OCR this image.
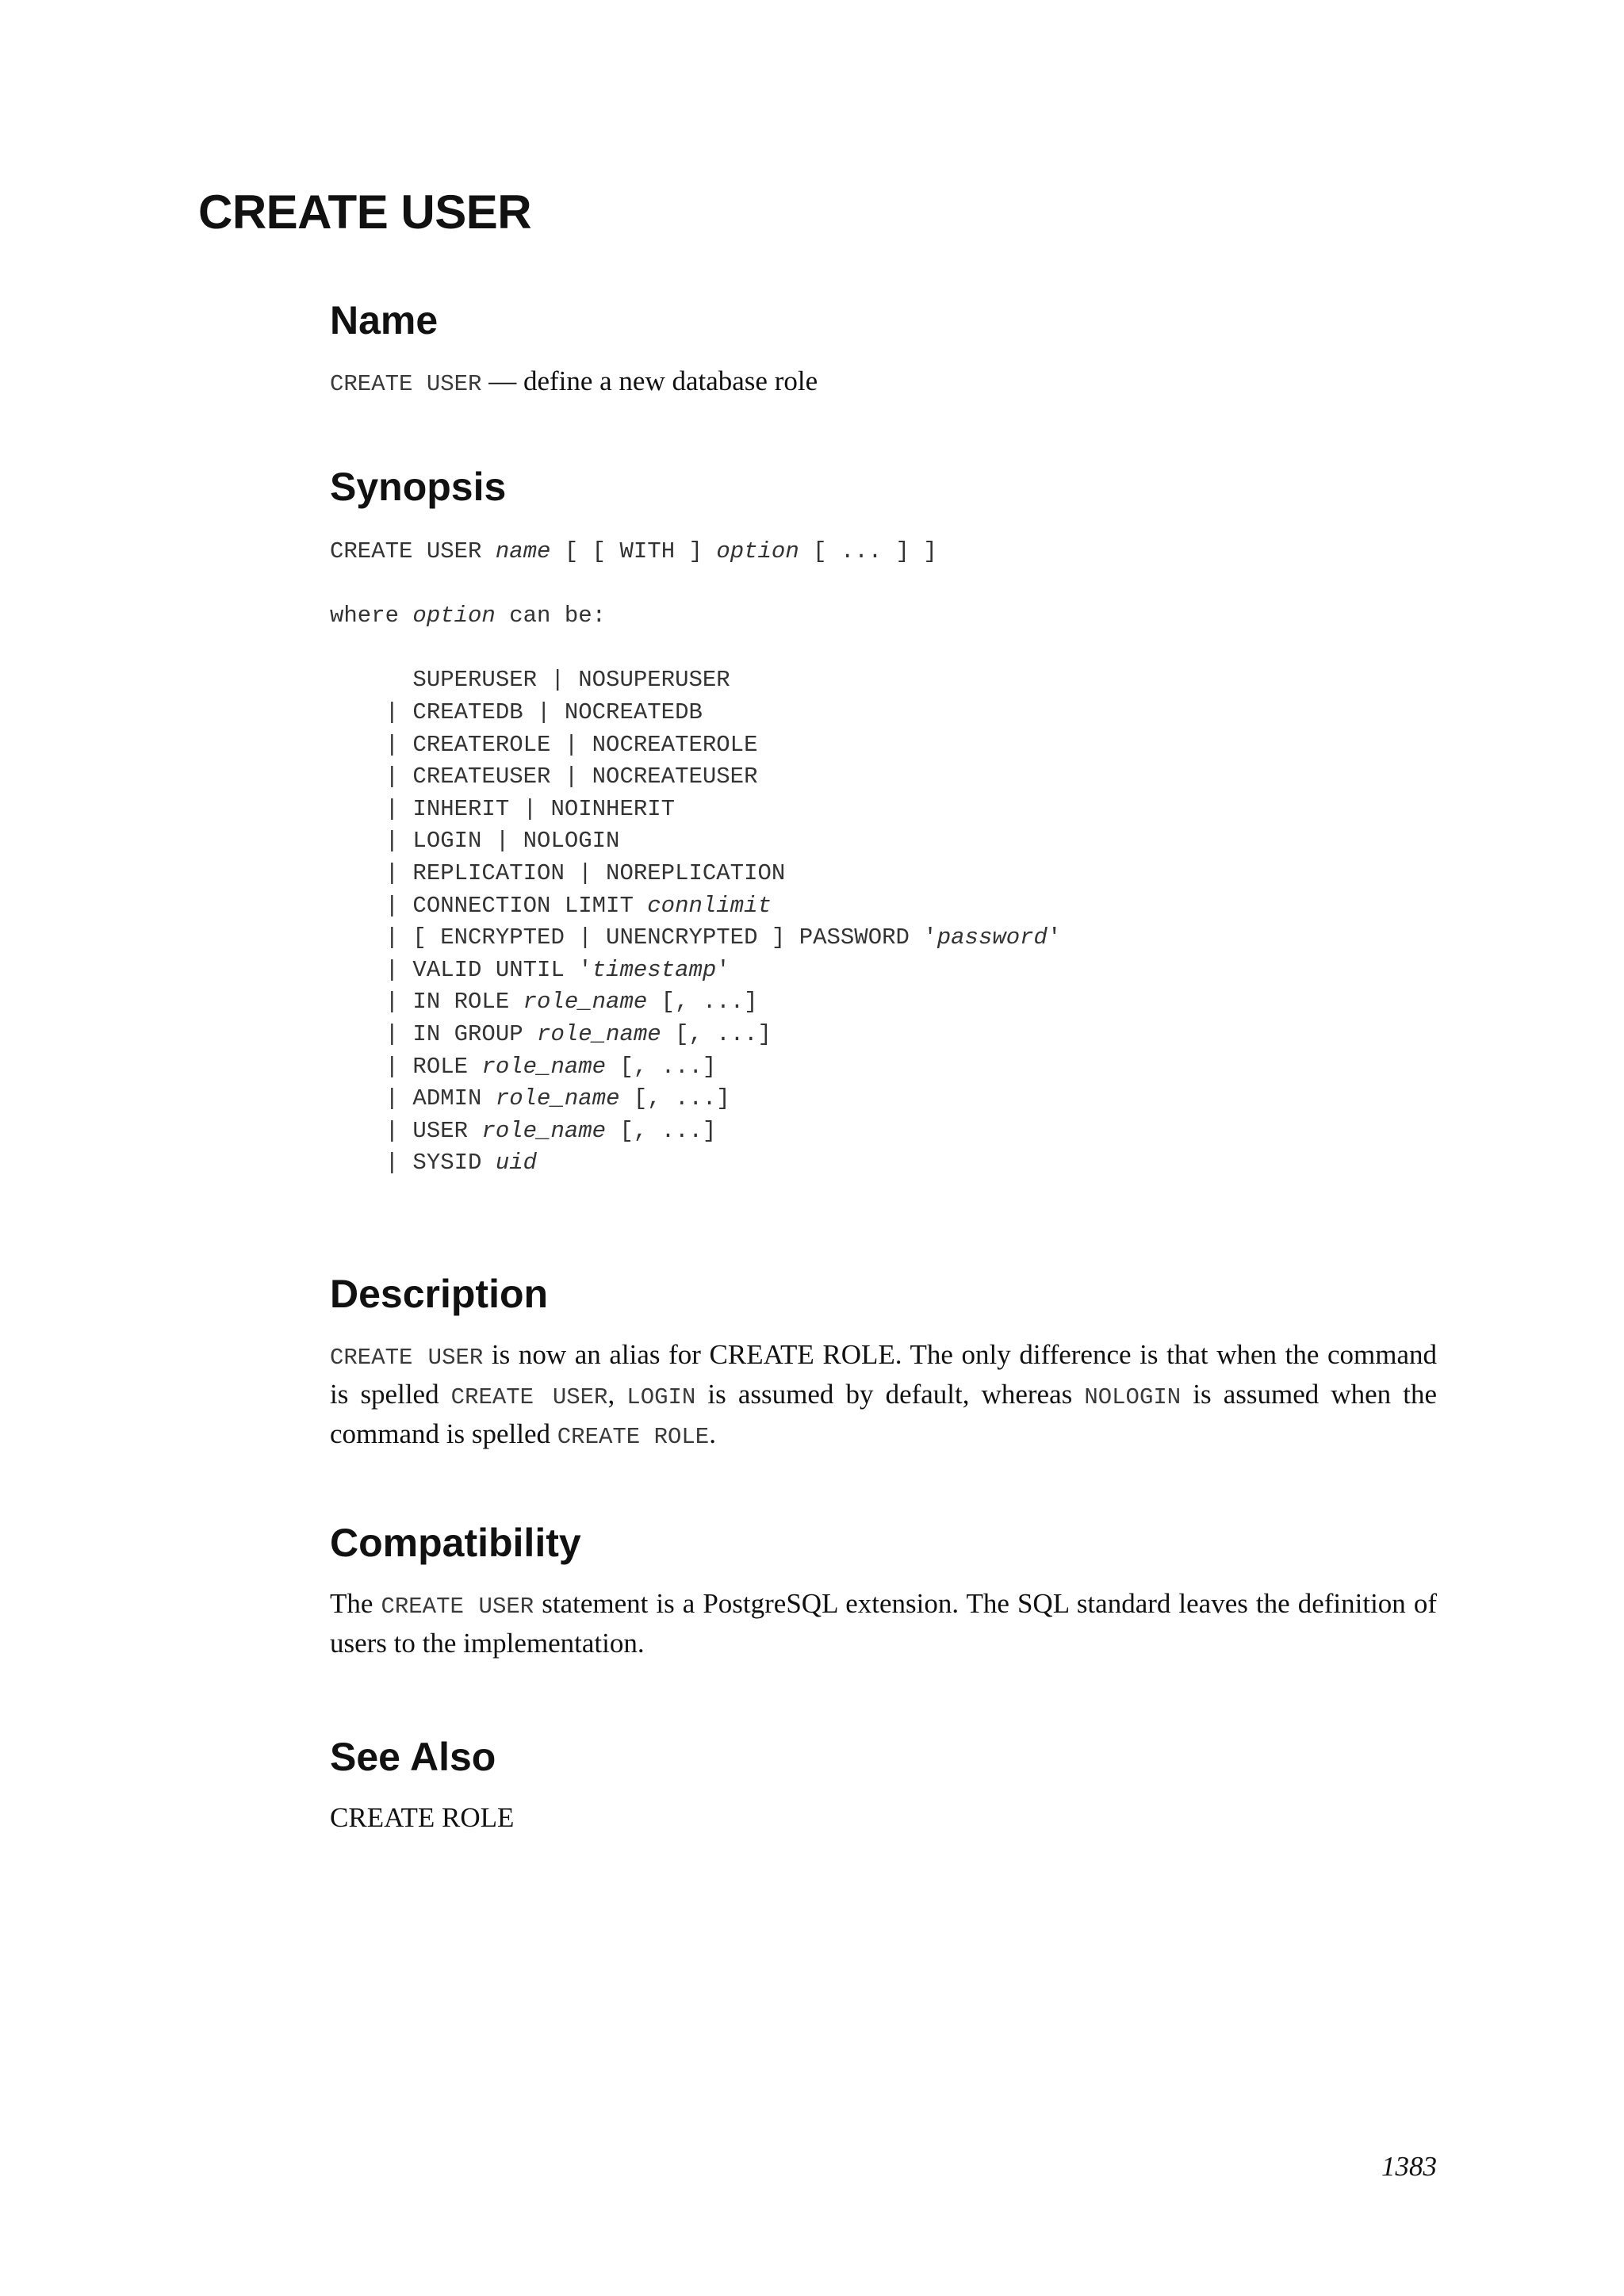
CREATE USER
Name

CREATE USER — define a new database role

Synopsis
CREATE USER name [ [ WITH ] option [ ... ] ]

where option can be:

SUPERUSER | NOSUPERUSER
| CREATEDB | NOCREATEDB
| CREATEROLE | NOCREATEROLE
| CREATEUSER | NOCREATEUSER
| INHERIT | NOINHERIT
| LOGIN | NOLOGIN
| REPLICATION | NOREPLICATION
| CONNECTION LIMIT connlimit
| [ ENCRYPTED | UNENCRYPTED ] PASSWORD 'password'
| VALID UNTIL 'timestamp'
| IN ROLE role_name [, ...]
| IN GROUP role_name [, ...]
| ROLE role_name [, ...]
| ADMIN role_name [, ...]
| USER role_name [, ...]
| SYSID uid
Description

CREATE USER is now an alias for CREATE ROLE. The only difference is that when the command is spelled CREATE USER, LOGIN is assumed by default, whereas NOLOGIN is assumed when the command is spelled CREATE ROLE.

Compatibility

The CREATE USER statement is a PostgreSQL extension. The SQL standard leaves the definition of users to the implementation.

See Also

CREATE ROLE

1383
